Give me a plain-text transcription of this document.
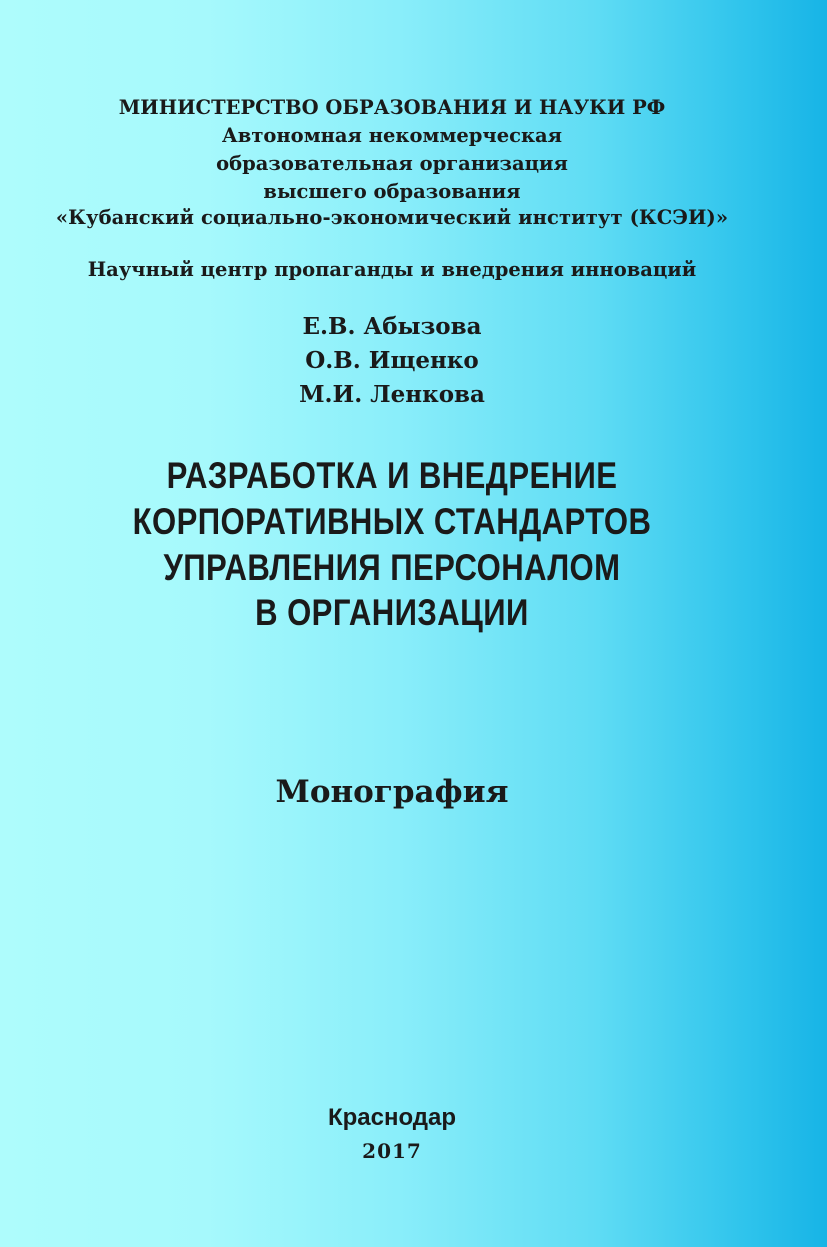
МИНИСТЕРСТВО ОБРАЗОВАНИЯ И НАУКИ РФ
Автономная некоммерческая
образовательная организация
высшего образования
«Кубанский социально-экономический институт (КСЭИ)»
Научный центр пропаганды и внедрения инноваций
Е.В. Абызова
О.В. Ищенко
М.И. Ленкова
РАЗРАБОТКА И ВНЕДРЕНИЕ
КОРПОРАТИВНЫХ СТАНДАРТОВ
УПРАВЛЕНИЯ ПЕРСОНАЛОМ
В ОРГАНИЗАЦИИ
Монография
Краснодар
2017
